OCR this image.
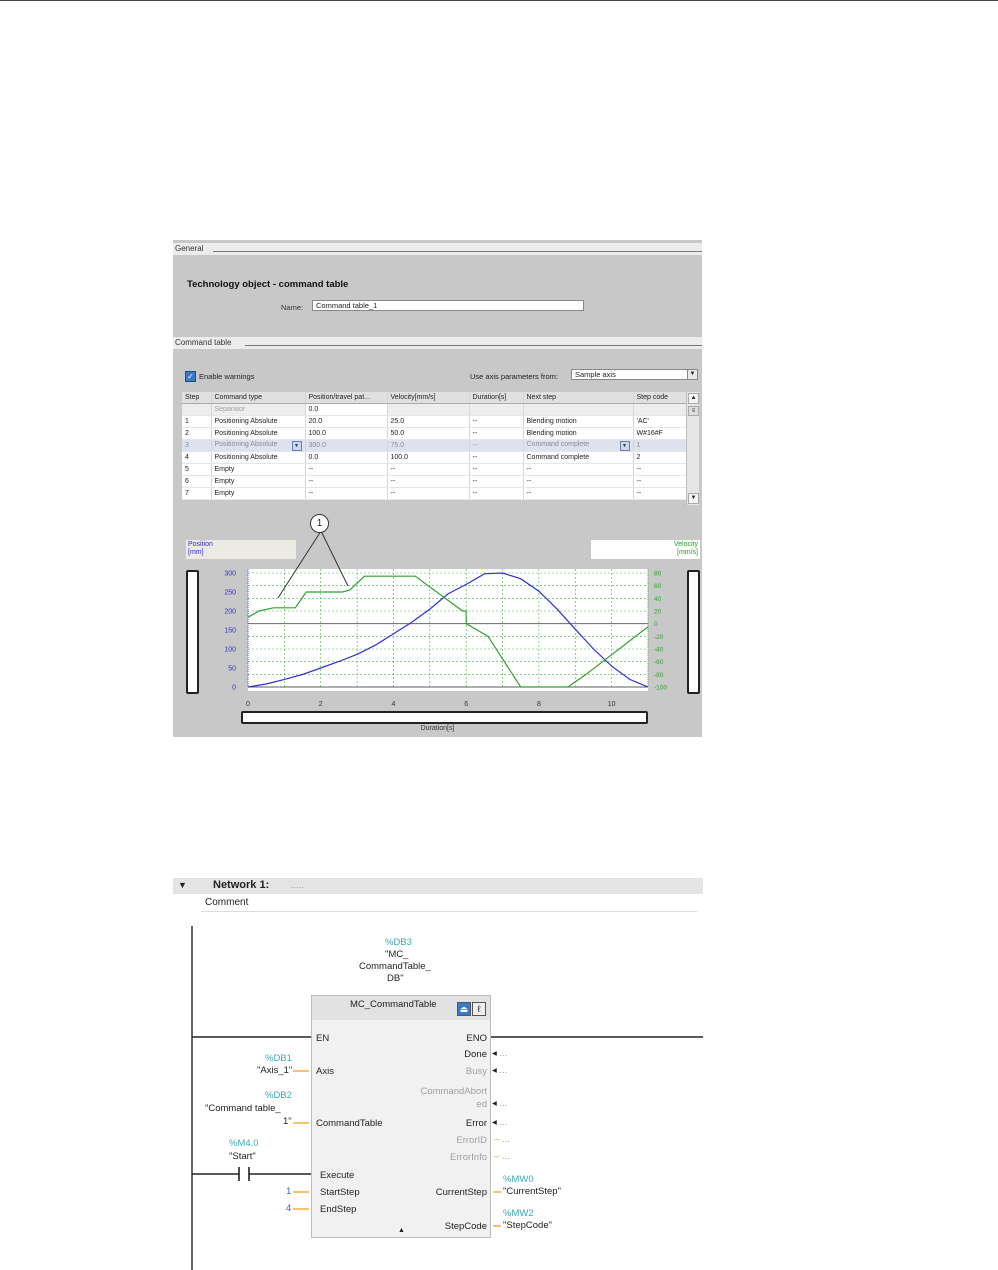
General
Technology object - command table
Name:	Command table_1
Command table
✓ Enable warnings	Use axis parameters from:	Sample axis	▼
Step	Command type	Position/travel pat...	Velocity[mm/s]	Duration[s]	Next step	Step code
	Separator	0.0				
1	Positioning Absolute	20.0	25.0	--	Blending motion	'AC'
2	Positioning Absolute	100.0	50.0	--	Blending motion	W#16#F
3	Positioning Absolute ▼	300.0	75.0	--	Command complete ▼	1
4	Positioning Absolute	0.0	100.0	--	Command complete	2
5	Empty	--	--	--	--	--
6	Empty	--	--	--	--	--
7	Empty	--	--	--	--	--
▲
≡
▼
0
50
100
150
200
250
300
-100
-80
-60
-40
-20
0
20
40
60
80
0	2	4	6	8	10
1
Position
[mm]
Velocity
[mm/s]
Duration[s]
▼ Network 1: .....
Comment
%DB3
"MC_
CommandTable_
DB"
MC_CommandTable	⏏	ℓ
EN	ENO
Axis
Done
Busy
CommandAbort
ed
CommandTable	Error
ErrorID
ErrorInfo
Execute
StartStep	CurrentStep
EndStep
StepCode
▲
◂ ...
◂ ...
◂ ...
◂ ...
– ...
– ...
%DB1
"Axis_1"
%DB2
"Command table_
1"
%M4.0
"Start"
1
4
%MW0
"CurrentStep"
%MW2
"StepCode"
